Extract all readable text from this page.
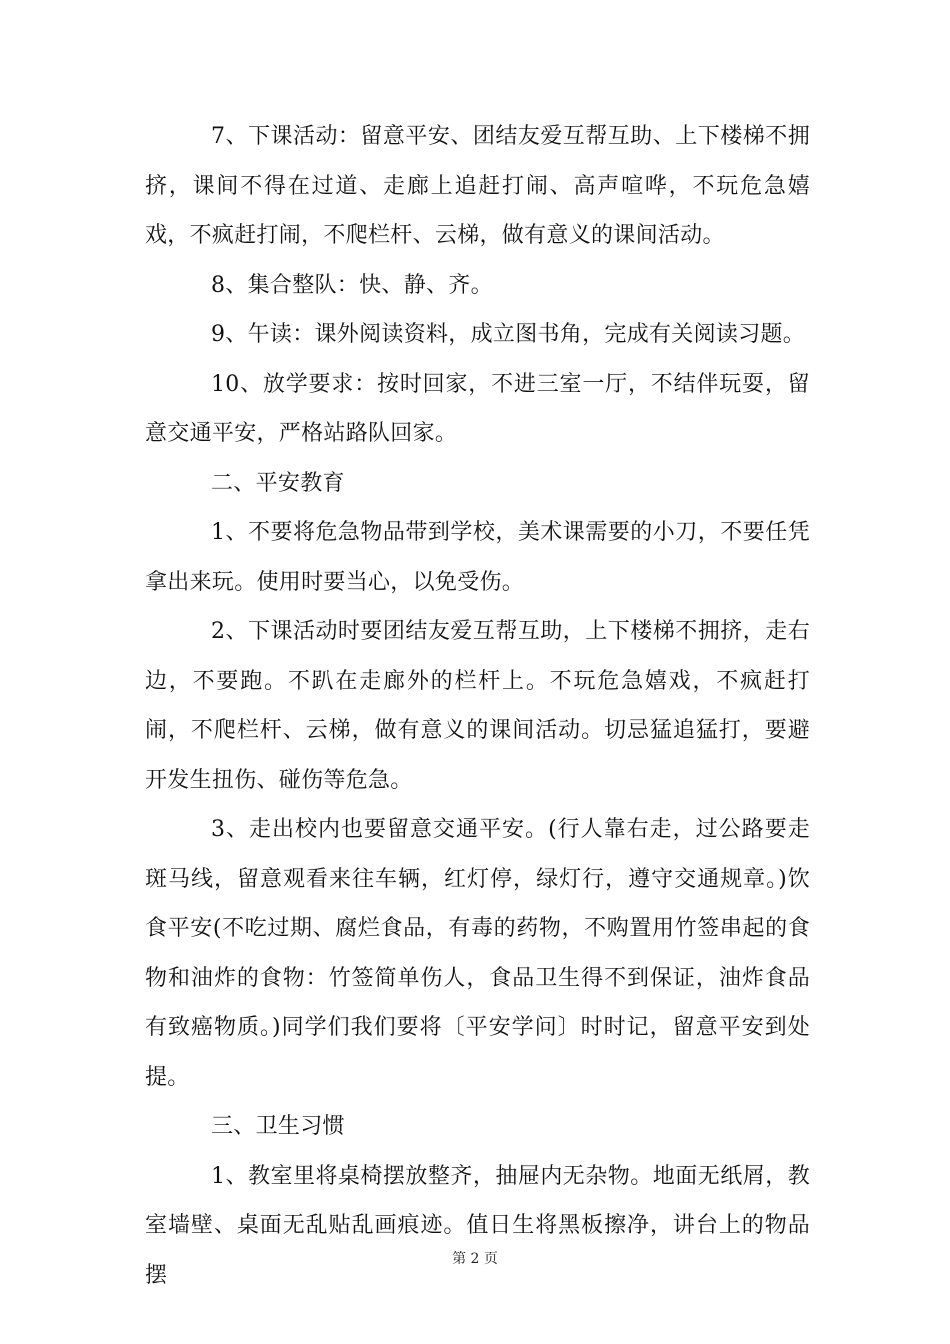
7、下课活动：留意平安、团结友爱互帮互助、上下楼梯不拥挤，课间不得在过道、走廊上追赶打闹、高声喧哗，不玩危急嬉戏，不疯赶打闹，不爬栏杆、云梯，做有意义的课间活动。

8、集合整队：快、静、齐。

9、午读：课外阅读资料，成立图书角，完成有关阅读习题。

10、放学要求：按时回家，不进三室一厅，不结伴玩耍，留意交通平安，严格站路队回家。

二、平安教育

1、不要将危急物品带到学校，美术课需要的小刀，不要任凭拿出来玩。使用时要当心，以免受伤。

2、下课活动时要团结友爱互帮互助，上下楼梯不拥挤，走右边，不要跑。不趴在走廊外的栏杆上。不玩危急嬉戏，不疯赶打闹，不爬栏杆、云梯，做有意义的课间活动。切忌猛追猛打，要避开发生扭伤、碰伤等危急。

3、走出校内也要留意交通平安。(行人靠右走，过公路要走斑马线，留意观看来往车辆，红灯停，绿灯行，遵守交通规章。)饮食平安(不吃过期、腐烂食品，有毒的药物，不购置用竹签串起的食物和油炸的食物：竹签简单伤人，食品卫生得不到保证，油炸食品有致癌物质。)同学们我们要将〔平安学问〕时时记，留意平安到处提。

三、卫生习惯

1、教室里将桌椅摆放整齐，抽屉内无杂物。地面无纸屑，教室墙壁、桌面无乱贴乱画痕迹。值日生将黑板擦净，讲台上的物品摆

第 2 页
